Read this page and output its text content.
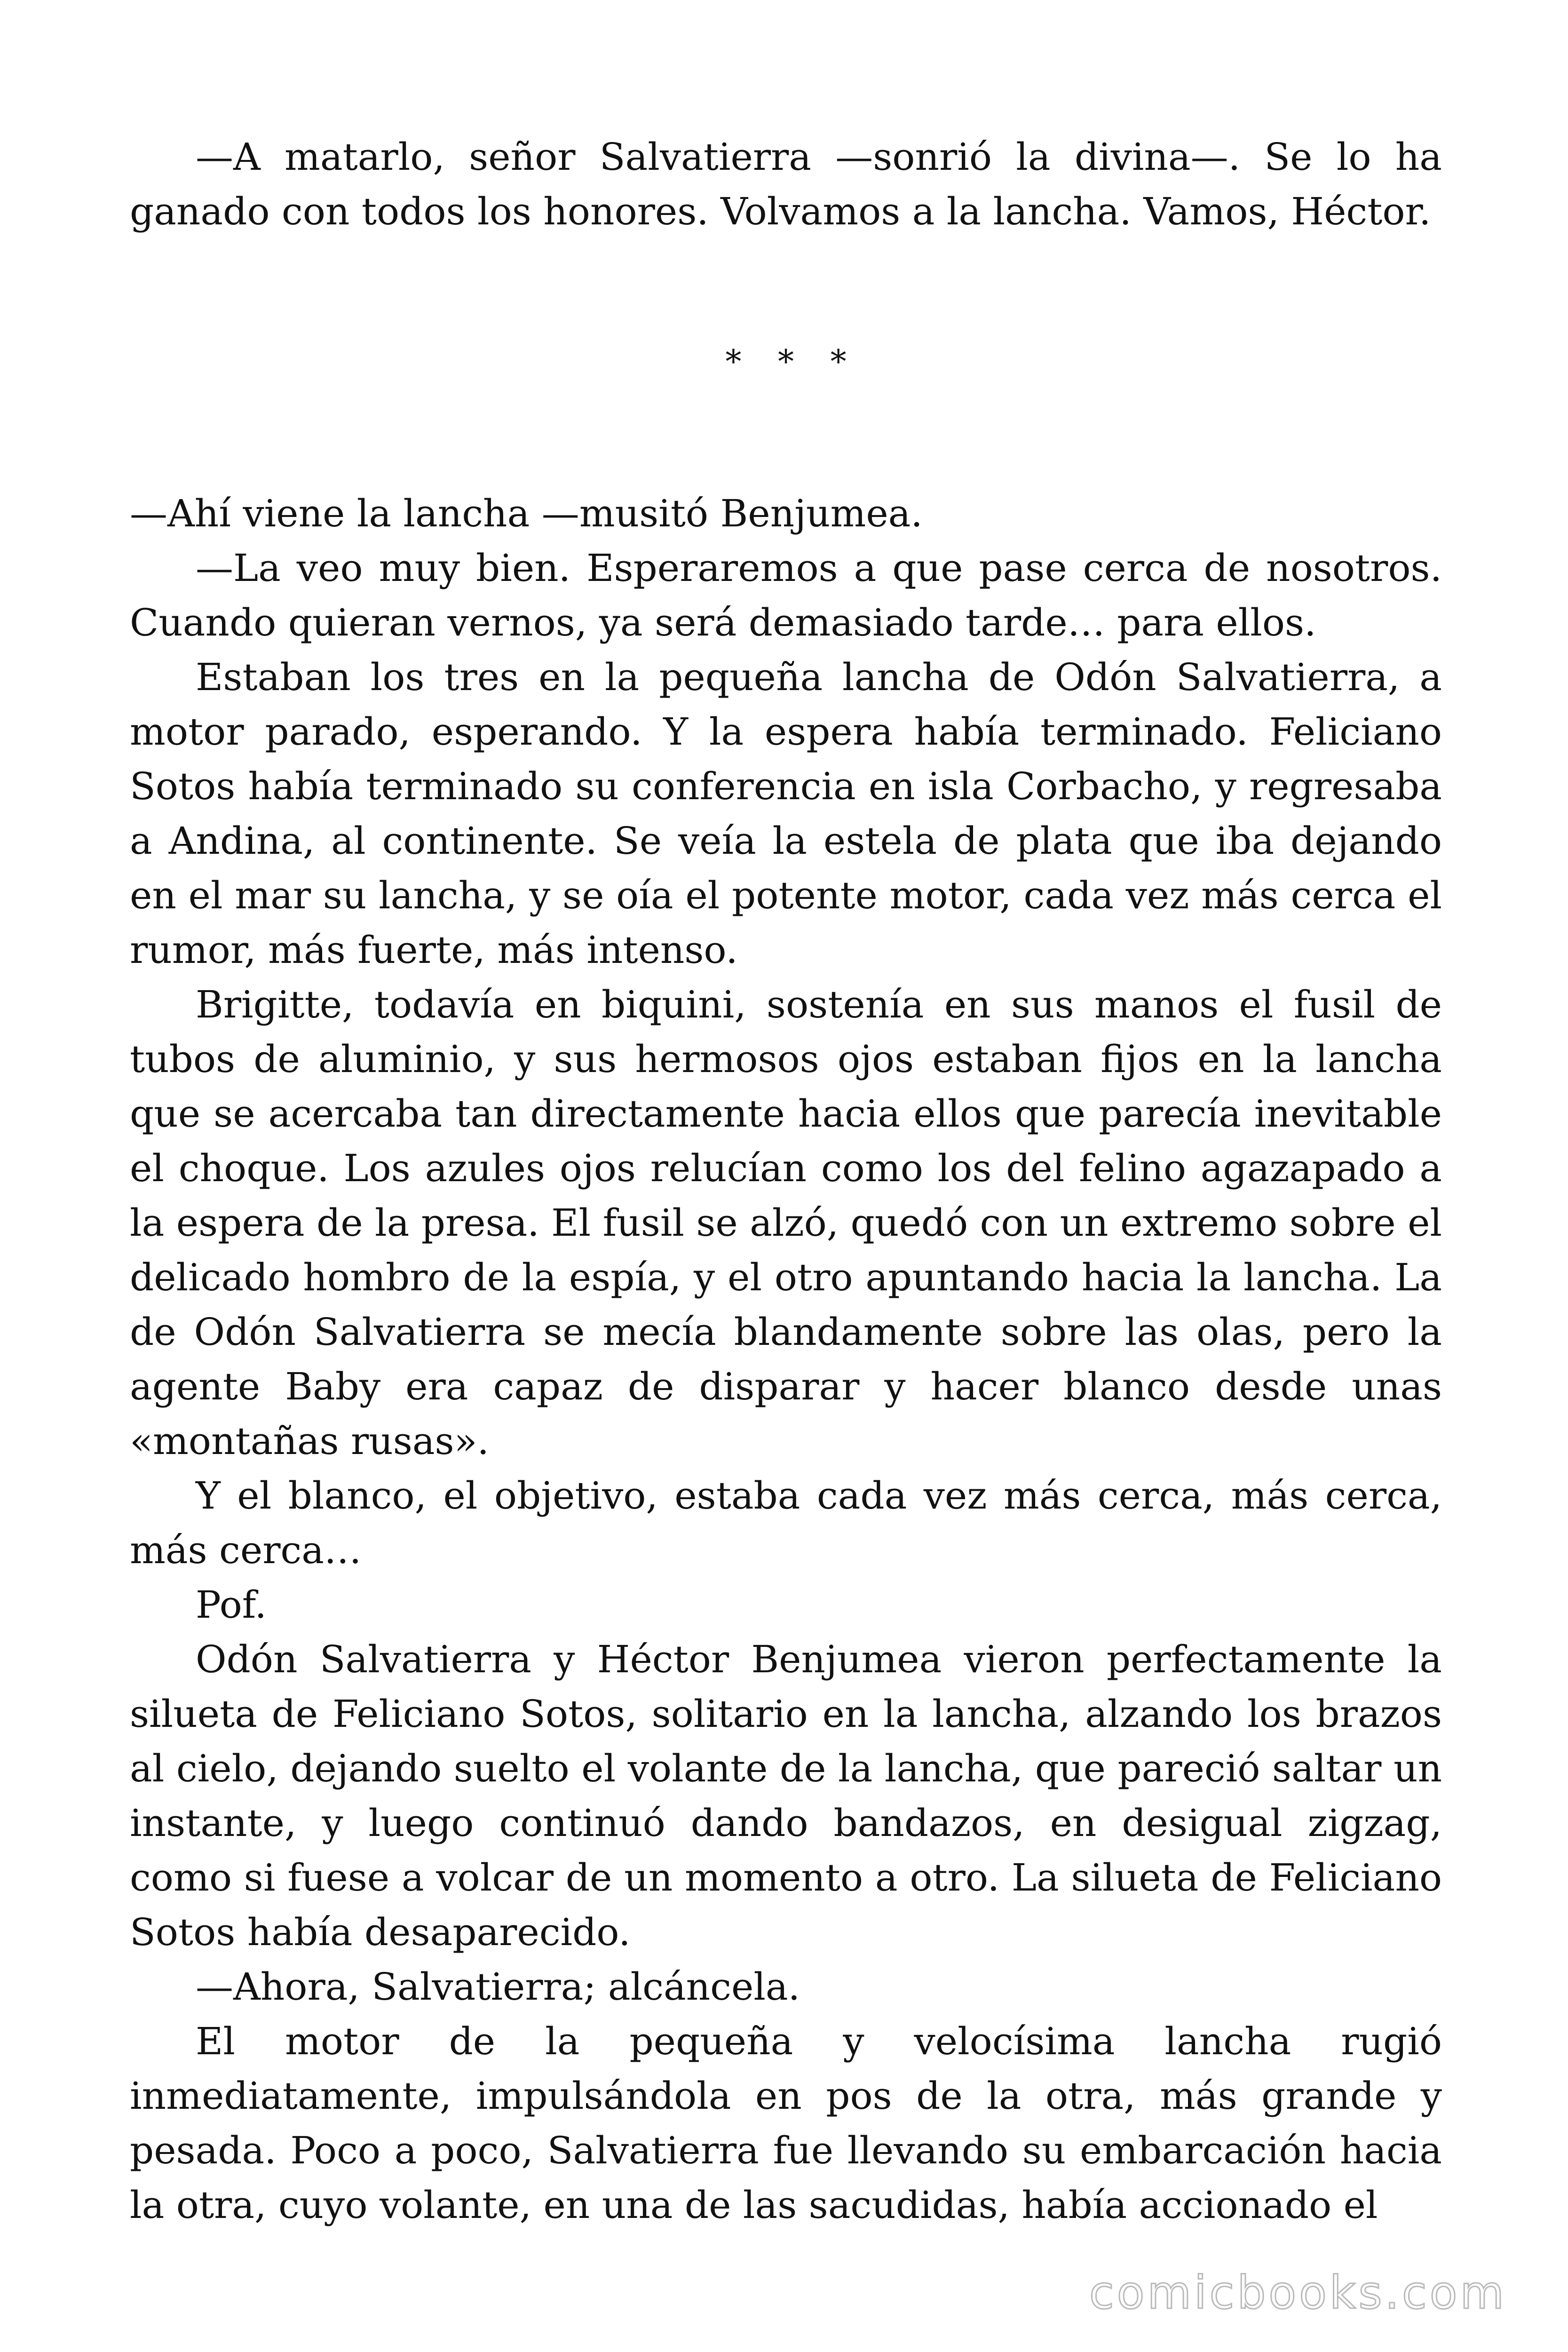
—A matarlo, señor Salvatierra —sonrió la divina—. Se lo ha ganado con todos los honores. Volvamos a la lancha. Vamos, Héctor.

* * *

—Ahí viene la lancha —musitó Benjumea.

—La veo muy bien. Esperaremos a que pase cerca de nosotros. Cuando quieran vernos, ya será demasiado tarde… para ellos.

Estaban los tres en la pequeña lancha de Odón Salvatierra, a motor parado, esperando. Y la espera había terminado. Feliciano Sotos había terminado su conferencia en isla Corbacho, y regresaba a Andina, al continente. Se veía la estela de plata que iba dejando en el mar su lancha, y se oía el potente motor, cada vez más cerca el rumor, más fuerte, más intenso.

Brigitte, todavía en biquini, sostenía en sus manos el fusil de tubos de aluminio, y sus hermosos ojos estaban fijos en la lancha que se acercaba tan directamente hacia ellos que parecía inevitable el choque. Los azules ojos relucían como los del felino agazapado a la espera de la presa. El fusil se alzó, quedó con un extremo sobre el delicado hombro de la espía, y el otro apuntando hacia la lancha. La de Odón Salvatierra se mecía blandamente sobre las olas, pero la agente Baby era capaz de disparar y hacer blanco desde unas «montañas rusas».

Y el blanco, el objetivo, estaba cada vez más cerca, más cerca, más cerca…

Pof.

Odón Salvatierra y Héctor Benjumea vieron perfectamente la silueta de Feliciano Sotos, solitario en la lancha, alzando los brazos al cielo, dejando suelto el volante de la lancha, que pareció saltar un instante, y luego continuó dando bandazos, en desigual zigzag, como si fuese a volcar de un momento a otro. La silueta de Feliciano Sotos había desaparecido.

—Ahora, Salvatierra; alcáncela.

El motor de la pequeña y velocísima lancha rugió inmediatamente, impulsándola en pos de la otra, más grande y pesada. Poco a poco, Salvatierra fue llevando su embarcación hacia la otra, cuyo volante, en una de las sacudidas, había accionado el

comicbooks.com
